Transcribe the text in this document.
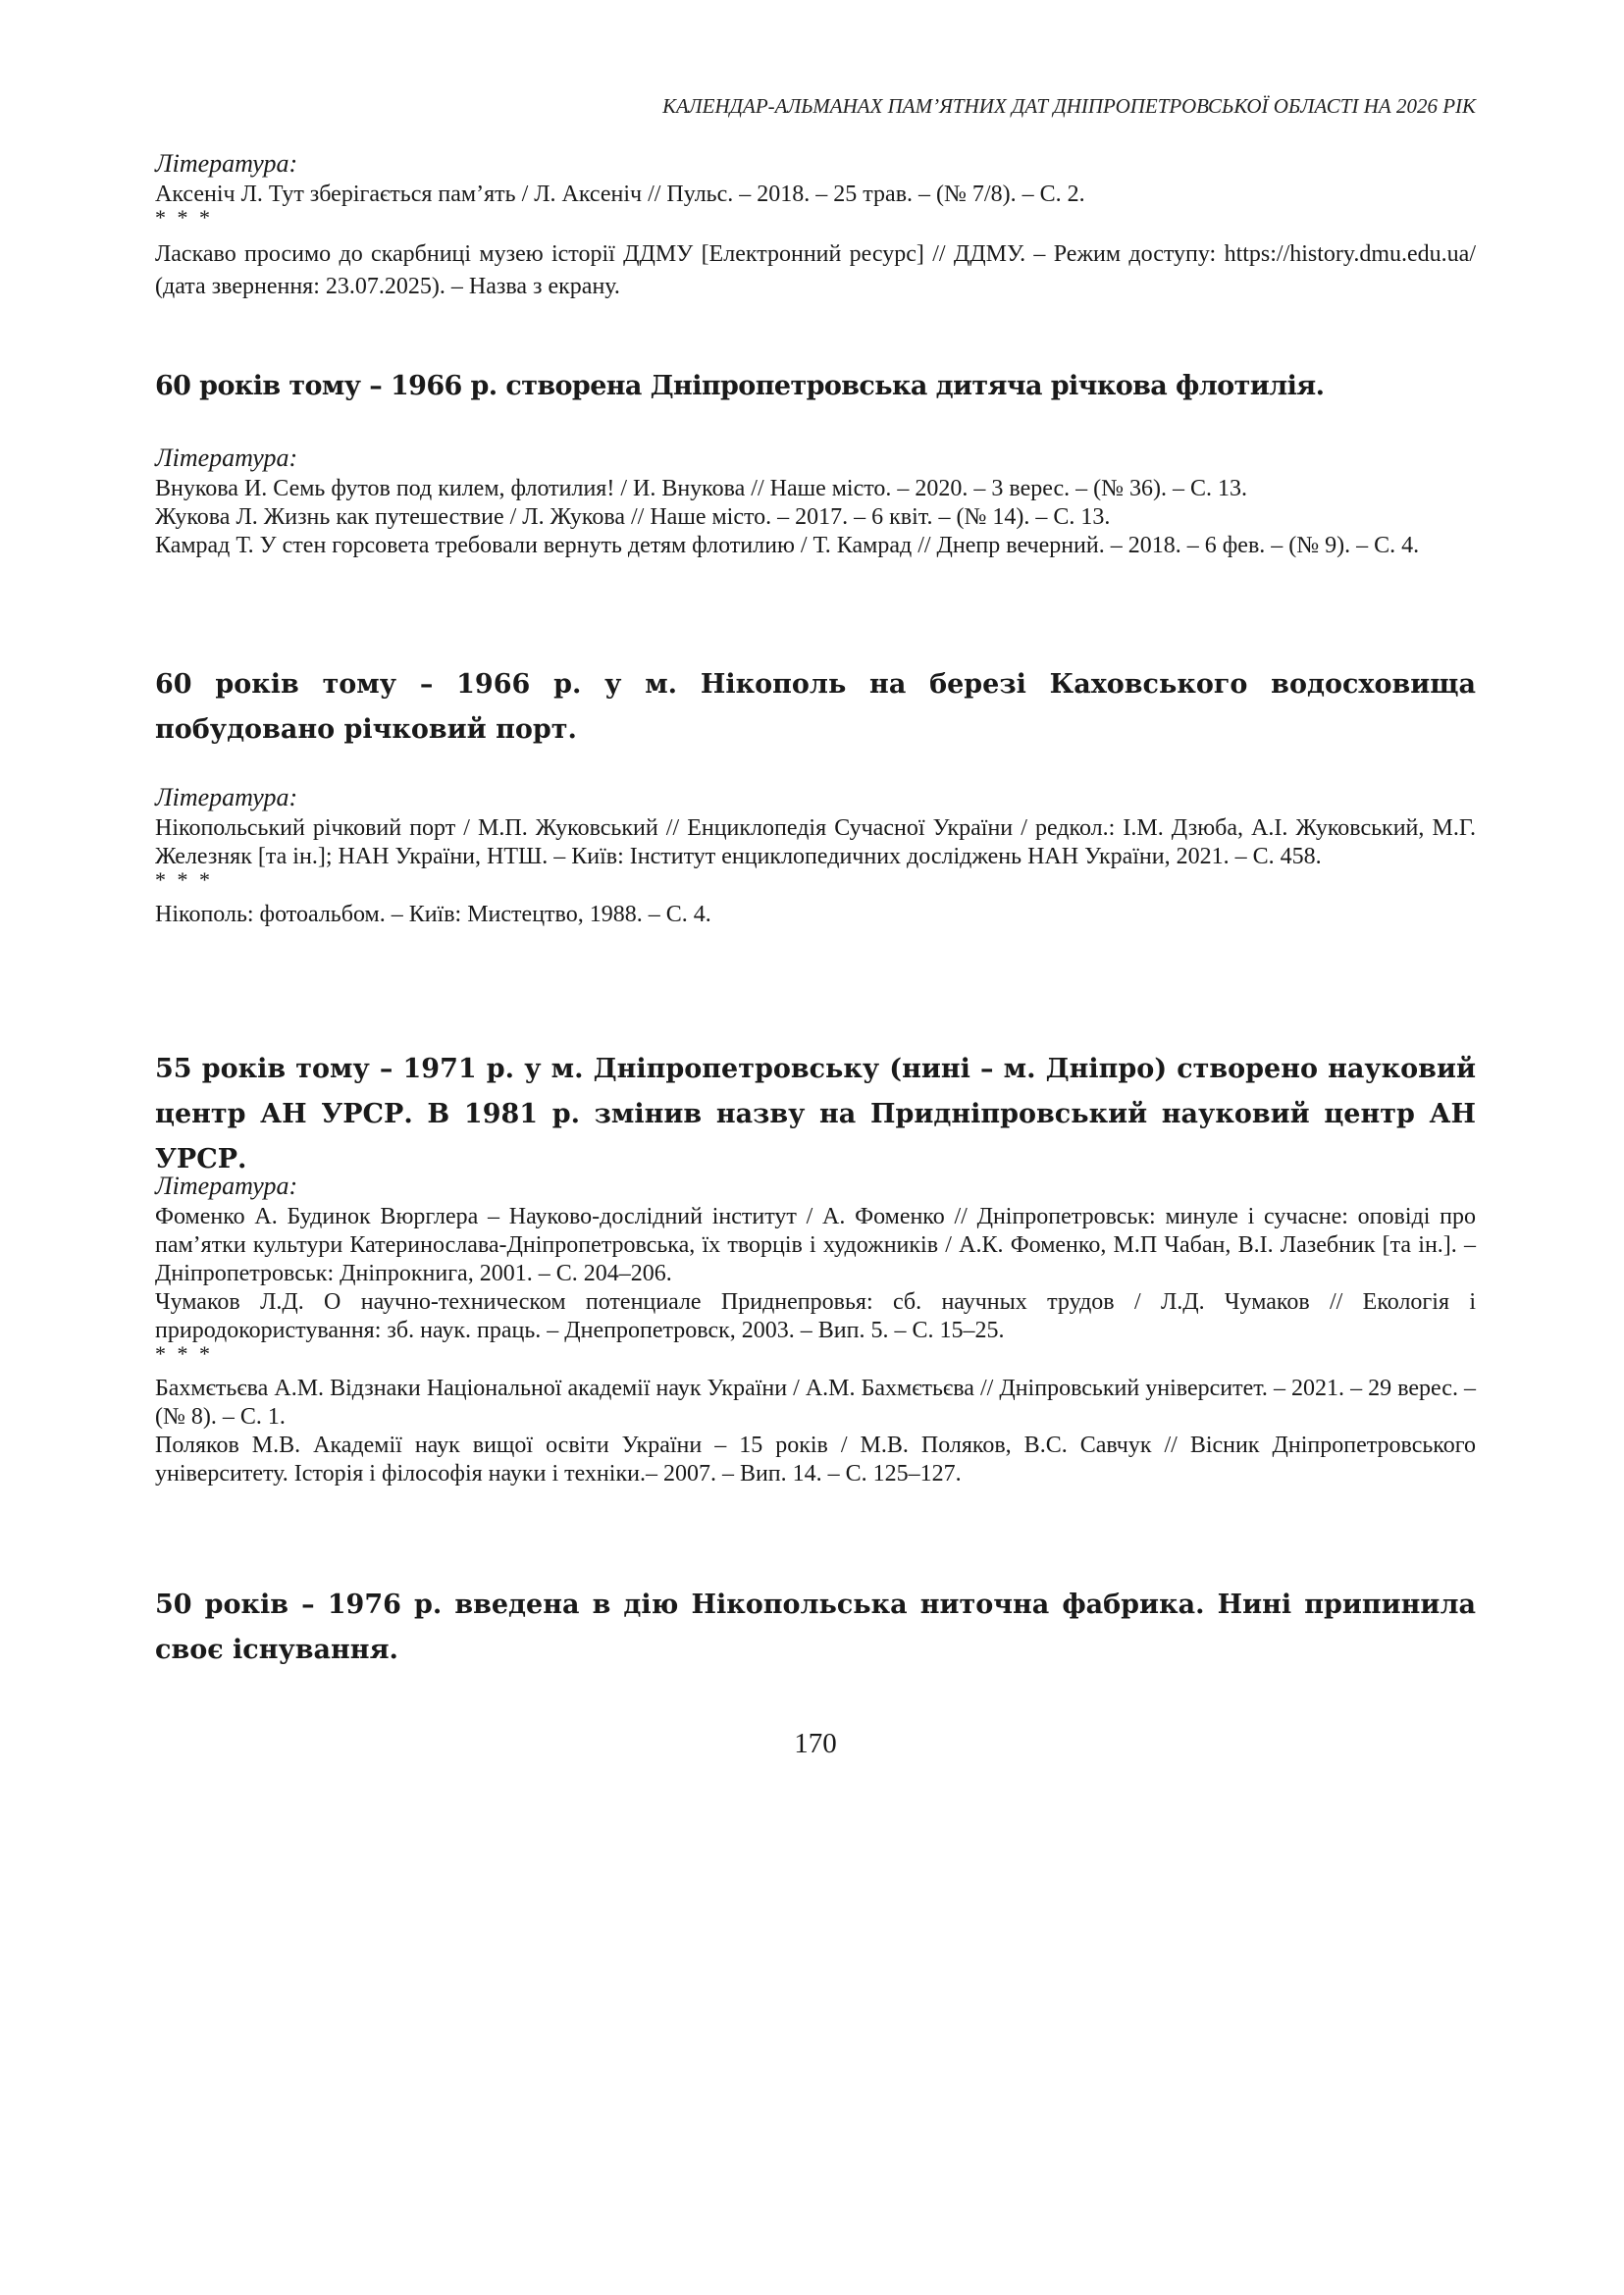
КАЛЕНДАР-АЛЬМАНАХ ПАМ’ЯТНИХ ДАТ ДНІПРОПЕТРОВСЬКОЇ ОБЛАСТІ НА 2026 РІК
Література:
Аксеніч Л. Тут зберігається пам’ять / Л. Аксеніч // Пульс. – 2018. – 25 трав. – (№ 7/8). – С. 2.
* * *
Ласкаво просимо до скарбниці музею історії ДДМУ [Електронний ресурс] // ДДМУ. – Режим доступу: https://history.dmu.edu.ua/ (дата звернення: 23.07.2025). – Назва з екрану.
60 років тому – 1966 р. створена Дніпропетровська дитяча річкова флотилія.
Література:
Внукова И. Семь футов под килем, флотилия! / И. Внукова // Наше місто. – 2020. – 3 верес. – (№ 36). – С. 13.
Жукова Л. Жизнь как путешествие / Л. Жукова // Наше місто. – 2017. – 6 квіт. – (№ 14). – С. 13.
Камрад Т. У стен горсовета требовали вернуть детям флотилию / Т. Камрад // Днепр вечерний. – 2018. – 6 фев. – (№ 9). – С. 4.
60 років тому – 1966 р. у м. Нікополь на березі Каховського водосховища побудовано річковий порт.
Література:
Нікопольський річковий порт / М.П. Жуковський // Енциклопедія Сучасної України / редкол.: І.М. Дзюба, А.І. Жуковський, М.Г. Железняк [та ін.]; НАН України, НТШ. – Київ: Інститут енциклопедичних досліджень НАН України, 2021. – С. 458.
* * *
Нікополь: фотоальбом. – Київ: Мистецтво, 1988. – С. 4.
55 років тому – 1971 р. у м. Дніпропетровську (нині – м. Дніпро) створено науковий центр АН УРСР. В 1981 р. змінив назву на Придніпровський науковий центр АН УРСР.
Література:
Фоменко А. Будинок Вюрглера – Науково-дослідний інститут / А. Фоменко // Дніпропетровськ: минуле і сучасне: оповіді про пам’ятки культури Катеринослава-Дніпропетровська, їх творців і художників / А.К. Фоменко, М.П Чабан, В.І. Лазебник [та ін.]. – Дніпропетровськ: Дніпрокнига, 2001. – С. 204–206.
Чумаков Л.Д. О научно-техническом потенциале Приднепровья: сб. научных трудов / Л.Д. Чумаков // Екологія і природокористування: зб. наук. праць. – Днепропетровск, 2003. – Вип. 5. – С. 15–25.
* * *
Бахмєтьєва А.М. Відзнаки Національної академії наук України / А.М. Бахмєтьєва // Дніпровський університет. – 2021. – 29 верес. – (№ 8). – С. 1.
Поляков М.В. Академії наук вищої освіти України – 15 років / М.В. Поляков, В.С. Савчук // Вісник Дніпропетровського університету. Історія і філософія науки і техніки.– 2007. – Вип. 14. – С. 125–127.
50 років – 1976 р. введена в дію Нікопольська ниточна фабрика. Нині припинила своє існування.
170
